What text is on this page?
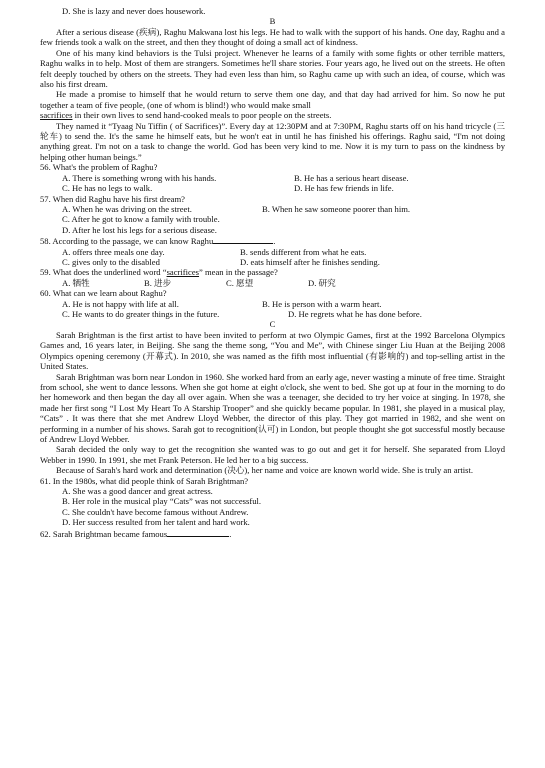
D. She is lazy and never does housework.

B

After a serious disease (疾病), Raghu Makwana lost his legs. He had to walk with the support of his hands. One day, Raghu and a few friends took a walk on the street, and then they thought of doing a small act of kindness.

One of his many kind behaviors is the Tulsi project. Whenever he learns of a family with some fights or other terrible matters, Raghu walks in to help. Most of them are strangers. Sometimes he'll share stories. Four years ago, he lived out on the streets. He often felt deeply touched by others on the streets. They had even less than him, so Raghu came up with such an idea, of course, which was also his first dream.

He made a promise to himself that he would return to serve them one day, and that day had arrived for him. So now he put together a team of five people, (one of whom is blind!) who would make small

sacrifices in their own lives to send hand-cooked meals to poor people on the streets.

They named it “Tyaag Nu Tiffin ( of Sacrifices)”. Every day at 12:30PM and at 7:30PM, Raghu starts off on his hand tricycle (三轮车) to send the. It's the same he himself eats, but he won't eat in until he has finished his offerings. Raghu said, “I'm not doing anything great. I'm not on a task to change the world. God has been very kind to me. Now it is my turn to pass on the kindness by helping other human beings.”

56. What's the problem of Raghu?

A. There is something wrong with his hands.	B. He has a serious heart disease.
C. He has no legs to walk.	D. He has few friends in life.

57. When did Raghu have his first dream?

A. When he was driving on the street.	B. When he saw someone poorer than him.

C. After he got to know a family with trouble.

D. After he lost his legs for a serious disease.

58. According to the passage, we can know Raghu	.

A. offers three meals one day.	B. sends different from what he eats.
C. gives only to the disabled	D. eats himself after he finishes sending.

59. What does the underlined word “sacrifices” mean in the passage?

A. 牺牲	B. 进步	C. 愿望	D. 研究

60. What can we learn about Raghu?

A. He is not happy with life at all.	B. He is person with a warm heart.
C. He wants to do greater things in the future.	D. He regrets what he has done before.

C

Sarah Brightman is the first artist to have been invited to perform at two Olympic Games, first at the 1992 Barcelona Olympics Games and, 16 years later, in Beijing. She sang the theme song, “You and Me”, with Chinese singer Liu Huan at the Beijing 2008 Olympics opening ceremony (开幕式). In 2010, she was named as the fifth most influential (有影响的) and top-selling artist in the United States.

Sarah Brightman was born near London in 1960. She worked hard from an early age, never wasting a minute of free time. Straight from school, she went to dance lessons. When she got home at eight o'clock, she went to bed. She got up at four in the morning to do her homework and then began the day all over again. When she was a teenager, she decided to try her voice at singing. In 1978, she made her first song “I Lost My Heart To A Starship Trooper” and she quickly became popular. In 1981, she played in a musical play, “Cats” . It was there that she met Andrew Lloyd Webber, the director of this play. They got married in 1982, and she went on performing in a number of his shows. Sarah got to recognition(认可) in London, but people thought she got successful mostly because of Andrew Lloyd Webber.

Sarah decided the only way to get the recognition she wanted was to go out and get it for herself. She separated from Lloyd Webber in 1990. In 1991, she met Frank Peterson. He led her to a big success.

Because of Sarah's hard work and determination (决心), her name and voice are known world wide. She is truly an artist.

61. In the 1980s, what did people think of Sarah Brightman?

A. She was a good dancer and great actress.

B. Her role in the musical play “Cats” was not successful.

C. She couldn't have become famous without Andrew.

D. Her success resulted from her talent and hard work.

62. Sarah Brightman became famous	.
